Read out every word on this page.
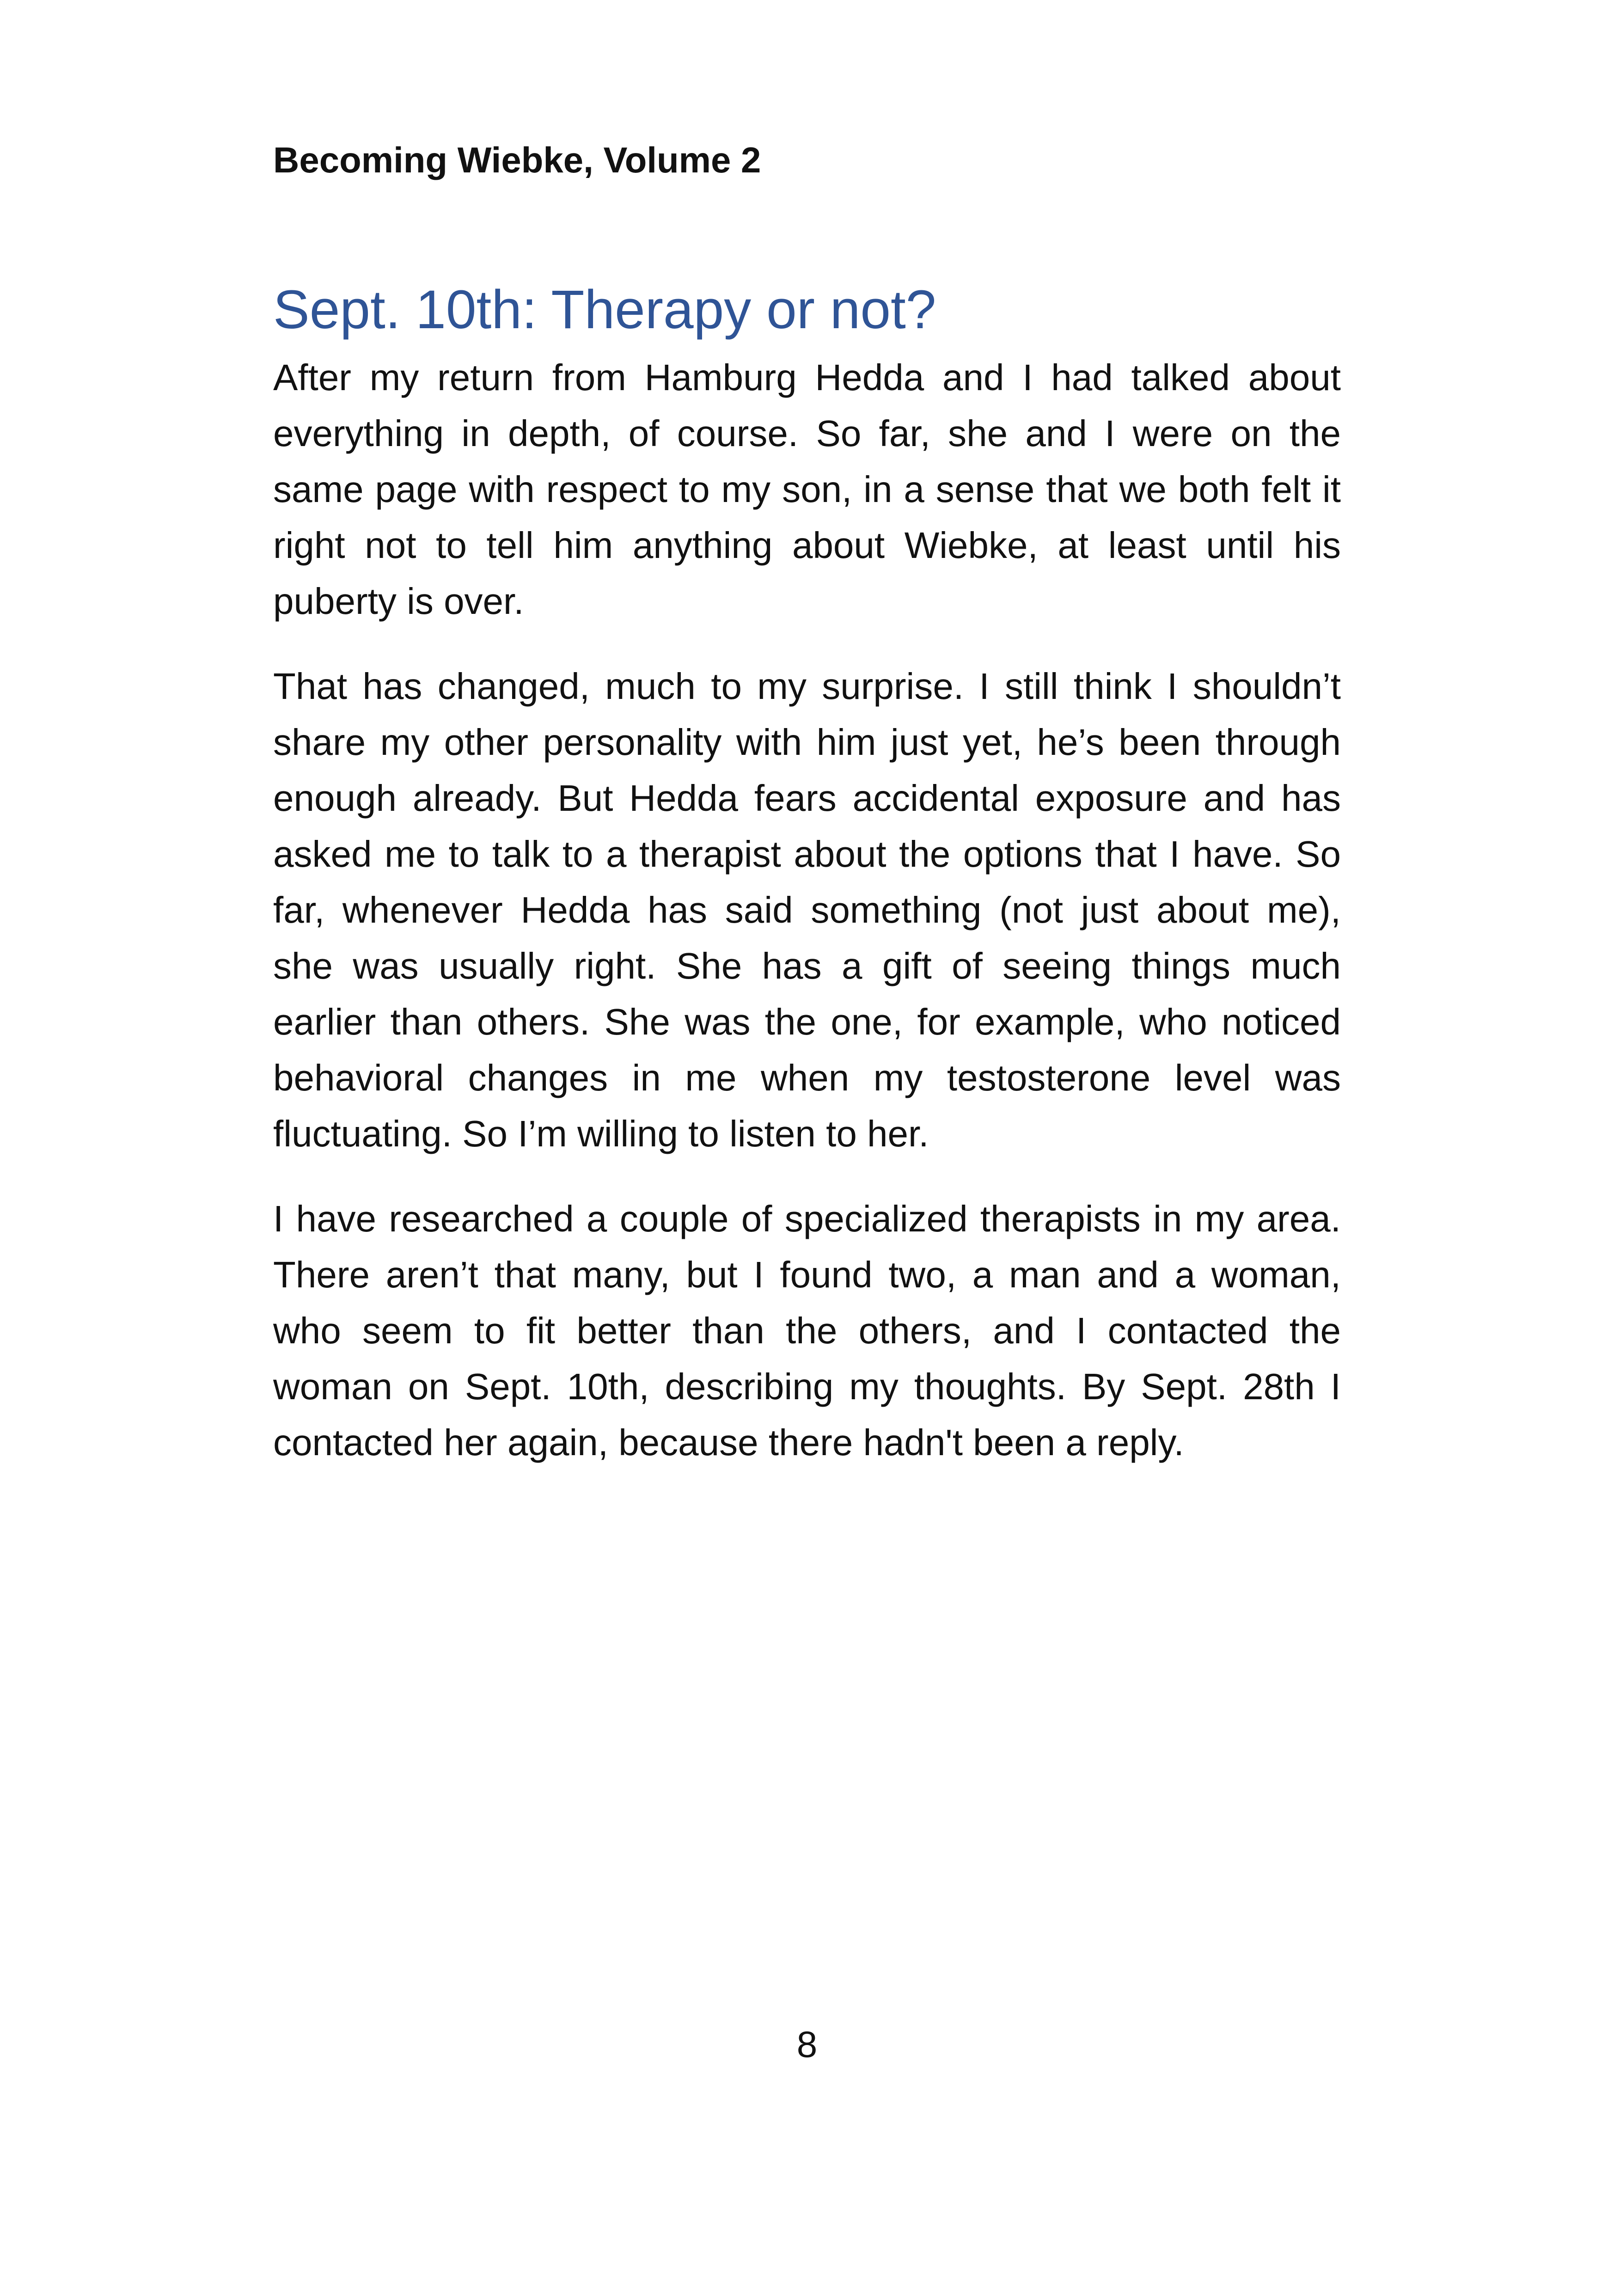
Becoming Wiebke, Volume 2
Sept. 10th: Therapy or not?

After my return from Hamburg Hedda and I had talked about everything in depth, of course. So far, she and I were on the same page with respect to my son, in a sense that we both felt it right not to tell him anything about Wiebke, at least until his puberty is over.

That has changed, much to my surprise. I still think I shouldn’t share my other personality with him just yet, he’s been through enough already. But Hedda fears accidental exposure and has asked me to talk to a therapist about the options that I have. So far, whenever Hedda has said something (not just about me), she was usually right. She has a gift of seeing things much earlier than others. She was the one, for example, who noticed behavioral changes in me when my testosterone level was fluctuating. So I’m willing to listen to her.

I have researched a couple of specialized therapists in my area. There aren’t that many, but I found two, a man and a woman, who seem to fit better than the others, and I contacted the woman on Sept. 10th, describing my thoughts. By Sept. 28th I contacted her again, because there hadn't been a reply.

8
